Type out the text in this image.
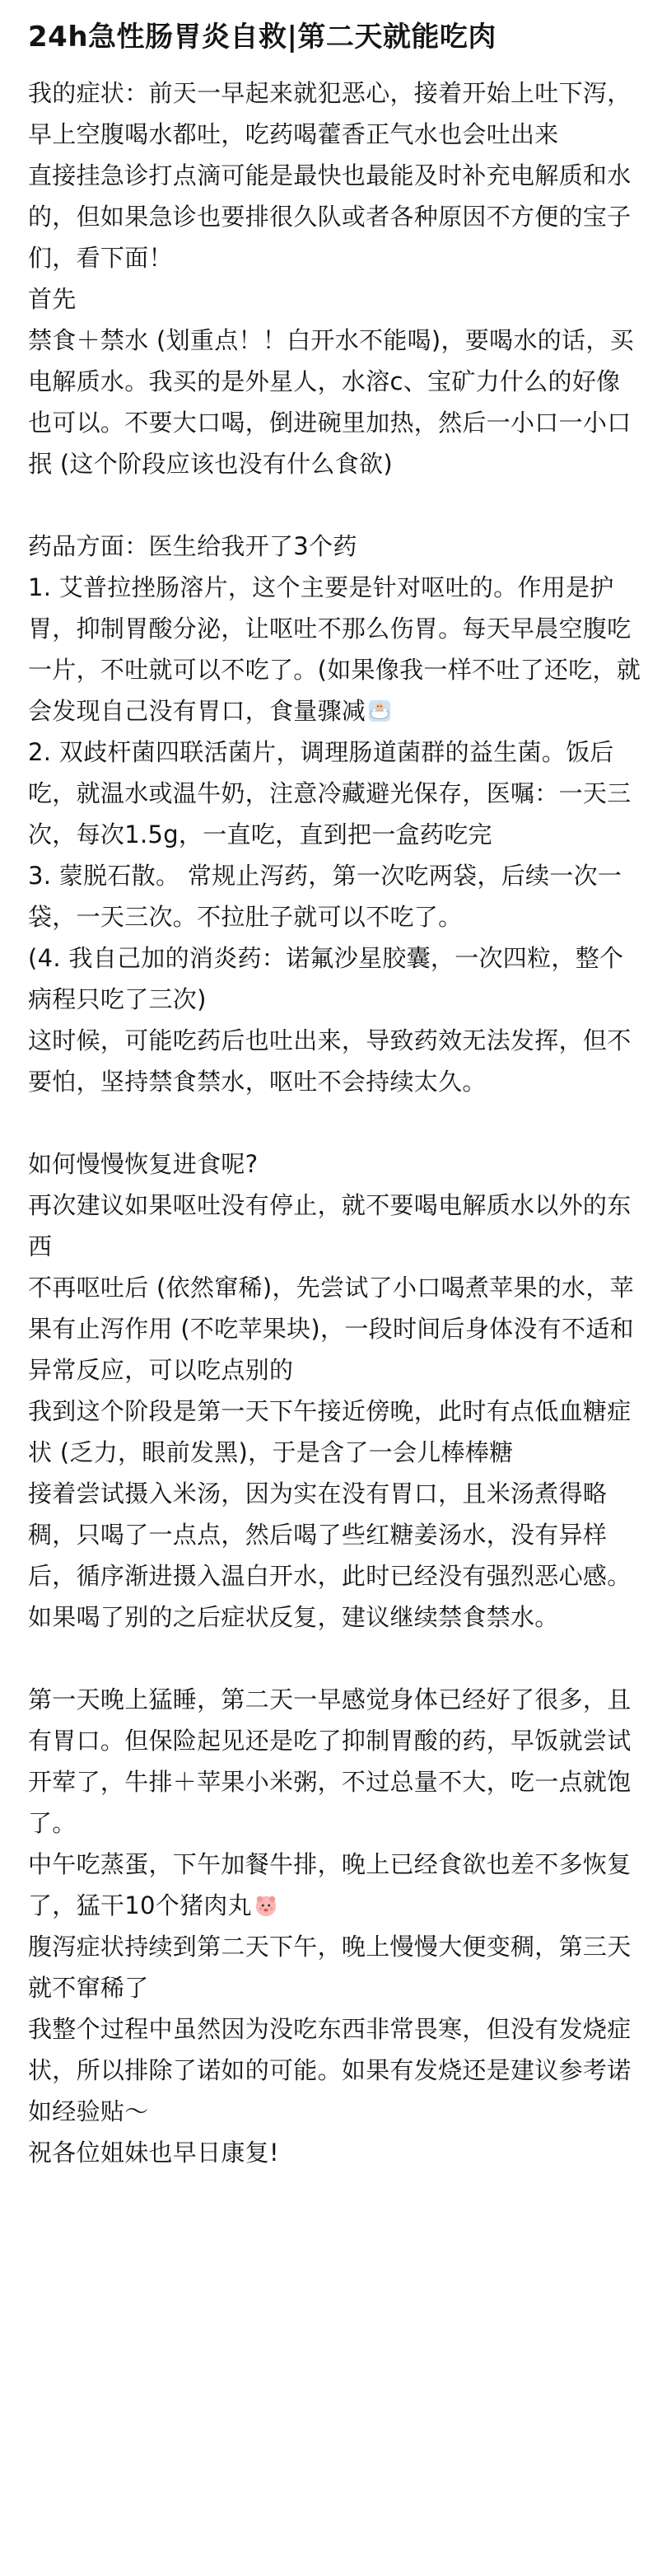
24h急性肠胃炎自救|第二天就能吃肉

我的症状：前天一早起来就犯恶心，接着开始上吐下泻，早上空腹喝水都吐，吃药喝藿香正气水也会吐出来

直接挂急诊打点滴可能是最快也最能及时补充电解质和水的，但如果急诊也要排很久队或者各种原因不方便的宝子们，看下面！

首先

禁食＋禁水 (划重点！！白开水不能喝)，要喝水的话，买电解质水。我买的是外星人，水溶c、宝矿力什么的好像也可以。不要大口喝，倒进碗里加热，然后一小口一小口抿 (这个阶段应该也没有什么食欲)

药品方面：医生给我开了3个药

1. 艾普拉挫肠溶片，这个主要是针对呕吐的。作用是护胃，抑制胃酸分泌，让呕吐不那么伤胃。每天早晨空腹吃一片，不吐就可以不吃了。(如果像我一样不吐了还吃，就会发现自己没有胃口，食量骤减

2. 双歧杆菌四联活菌片，调理肠道菌群的益生菌。饭后吃，就温水或温牛奶，注意冷藏避光保存，医嘱：一天三次，每次1.5g，一直吃，直到把一盒药吃完

3. 蒙脱石散。 常规止泻药，第一次吃两袋，后续一次一袋，一天三次。不拉肚子就可以不吃了。

(4. 我自己加的消炎药：诺氟沙星胶囊，一次四粒，整个病程只吃了三次)

这时候，可能吃药后也吐出来，导致药效无法发挥，但不要怕，坚持禁食禁水，呕吐不会持续太久。

如何慢慢恢复进食呢?

再次建议如果呕吐没有停止，就不要喝电解质水以外的东西

不再呕吐后 (依然窜稀)，先尝试了小口喝煮苹果的水，苹果有止泻作用 (不吃苹果块)，一段时间后身体没有不适和异常反应，可以吃点别的

我到这个阶段是第一天下午接近傍晚，此时有点低血糖症状 (乏力，眼前发黑)，于是含了一会儿棒棒糖

接着尝试摄入米汤，因为实在没有胃口，且米汤煮得略稠，只喝了一点点，然后喝了些红糖姜汤水，没有异样后，循序渐进摄入温白开水，此时已经没有强烈恶心感。

如果喝了别的之后症状反复，建议继续禁食禁水。

第一天晚上猛睡，第二天一早感觉身体已经好了很多，且有胃口。但保险起见还是吃了抑制胃酸的药，早饭就尝试开荤了，牛排＋苹果小米粥，不过总量不大，吃一点就饱了。

中午吃蒸蛋，下午加餐牛排，晚上已经食欲也差不多恢复了，猛干10个猪肉丸

腹泻症状持续到第二天下午，晚上慢慢大便变稠，第三天就不窜稀了

我整个过程中虽然因为没吃东西非常畏寒，但没有发烧症状，所以排除了诺如的可能。如果有发烧还是建议参考诺如经验贴～

祝各位姐妹也早日康复!
